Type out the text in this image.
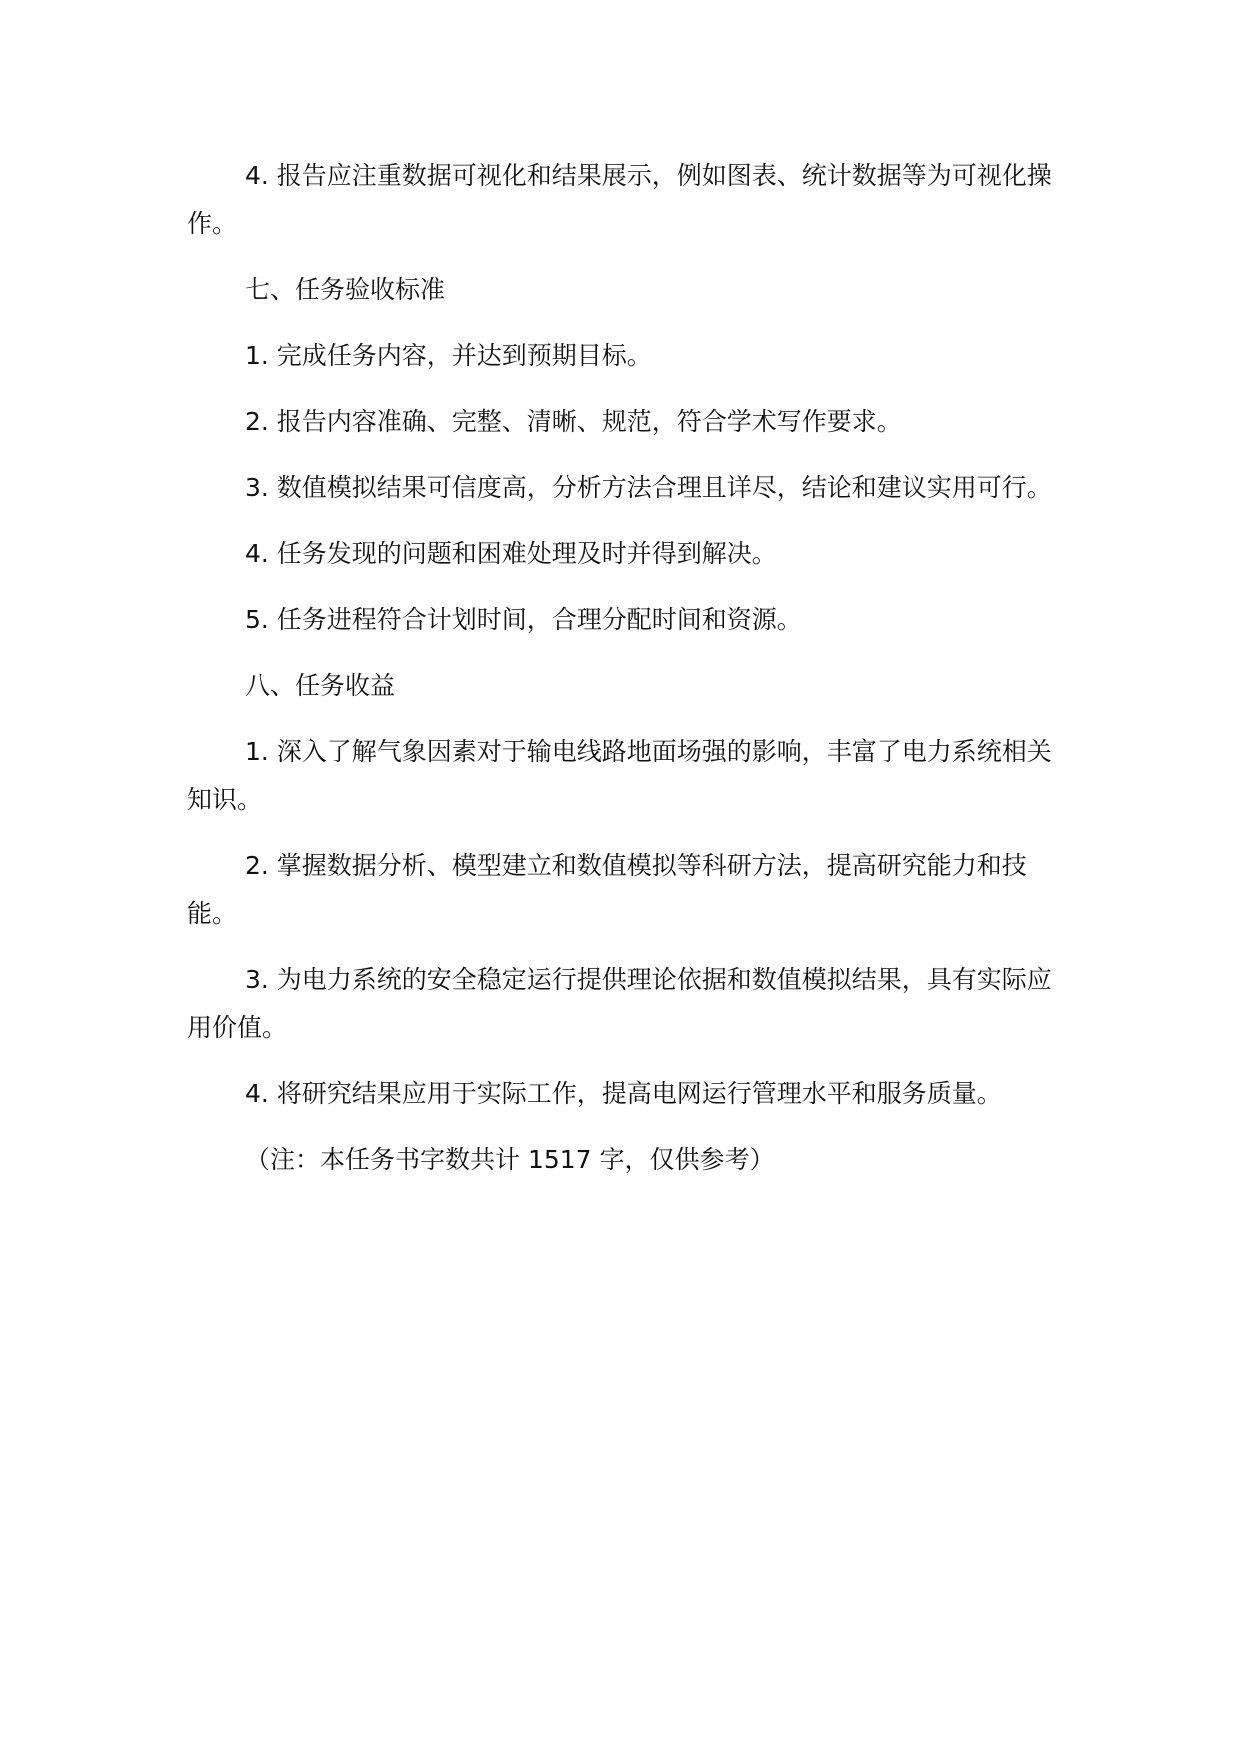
4. 报告应注重数据可视化和结果展示，例如图表、统计数据等为可视化操作。

七、任务验收标准

1. 完成任务内容，并达到预期目标。

2. 报告内容准确、完整、清晰、规范，符合学术写作要求。

3. 数值模拟结果可信度高，分析方法合理且详尽，结论和建议实用可行。

4. 任务发现的问题和困难处理及时并得到解决。

5. 任务进程符合计划时间，合理分配时间和资源。

八、任务收益

1. 深入了解气象因素对于输电线路地面场强的影响，丰富了电力系统相关知识。

2. 掌握数据分析、模型建立和数值模拟等科研方法，提高研究能力和技能。

3. 为电力系统的安全稳定运行提供理论依据和数值模拟结果，具有实际应用价值。

4. 将研究结果应用于实际工作，提高电网运行管理水平和服务质量。

（注：本任务书字数共计 1517 字，仅供参考）
